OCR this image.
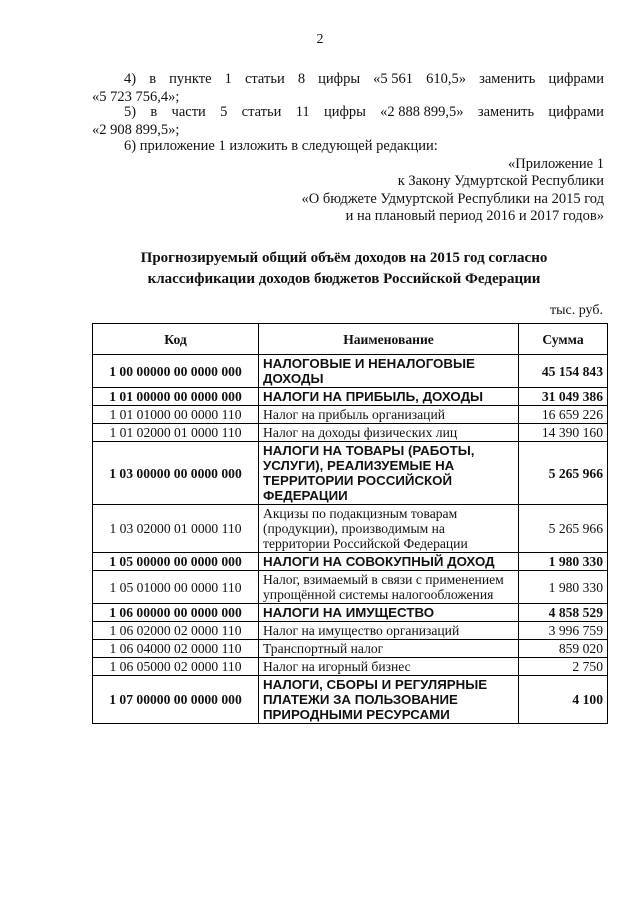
2
4) в пункте 1 статьи 8 цифры «5 561 610,5» заменить цифрами
«5 723 756,4»;
5) в части 5 статьи 11 цифры «2 888 899,5» заменить цифрами
«2 908 899,5»;
6) приложение 1 изложить в следующей редакции:
«Приложение 1
к Закону Удмуртской Республики
«О бюджете Удмуртской Республики на 2015 год
и на плановый период 2016 и 2017 годов»
Прогнозируемый общий объём доходов на 2015 год согласно
классификации доходов бюджетов Российской Федерации
тыс. руб.
Код	Наименование	Сумма
1 00 00000 00 0000 000	НАЛОГОВЫЕ И НЕНАЛОГОВЫЕ ДОХОДЫ	45 154 843
1 01 00000 00 0000 000	НАЛОГИ НА ПРИБЫЛЬ, ДОХОДЫ	31 049 386
1 01 01000 00 0000 110	Налог на прибыль организаций	16 659 226
1 01 02000 01 0000 110	Налог на доходы физических лиц	14 390 160
1 03 00000 00 0000 000	НАЛОГИ НА ТОВАРЫ (РАБОТЫ, УСЛУГИ), РЕАЛИЗУЕМЫЕ НА ТЕРРИТОРИИ РОССИЙСКОЙ ФЕДЕРАЦИИ	5 265 966
1 03 02000 01 0000 110	Акцизы по подакцизным товарам (продукции), производимым на территории Российской Федерации	5 265 966
1 05 00000 00 0000 000	НАЛОГИ НА СОВОКУПНЫЙ ДОХОД	1 980 330
1 05 01000 00 0000 110	Налог, взимаемый в связи с применением упрощённой системы налогообложения	1 980 330
1 06 00000 00 0000 000	НАЛОГИ НА ИМУЩЕСТВО	4 858 529
1 06 02000 02 0000 110	Налог на имущество организаций	3 996 759
1 06 04000 02 0000 110	Транспортный налог	859 020
1 06 05000 02 0000 110	Налог на игорный бизнес	2 750
1 07 00000 00 0000 000	НАЛОГИ, СБОРЫ И РЕГУЛЯРНЫЕ ПЛАТЕЖИ ЗА ПОЛЬЗОВАНИЕ ПРИРОДНЫМИ РЕСУРСАМИ	4 100
